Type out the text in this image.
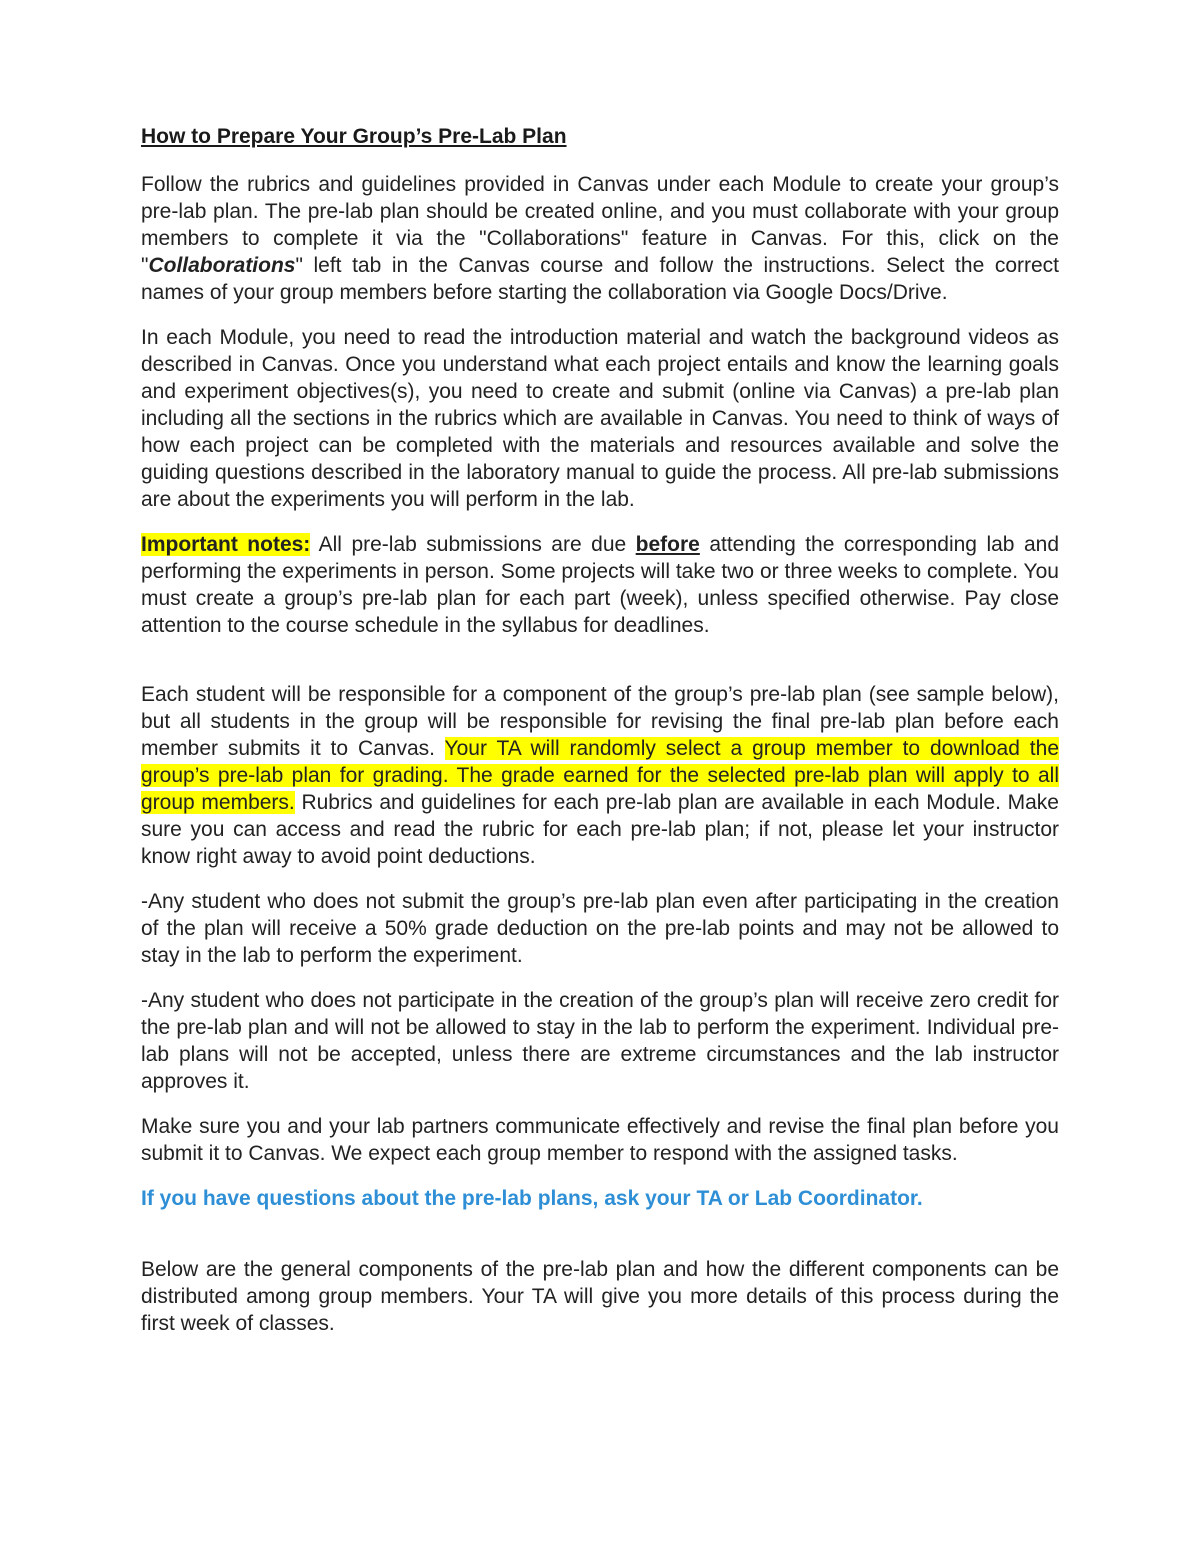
How to Prepare Your Group’s Pre-Lab Plan

Follow the rubrics and guidelines provided in Canvas under each Module to create your group’s pre-lab plan. The pre-lab plan should be created online, and you must collaborate with your group members to complete it via the "Collaborations" feature in Canvas. For this, click on the "Collaborations" left tab in the Canvas course and follow the instructions. Select the correct names of your group members before starting the collaboration via Google Docs/Drive.

In each Module, you need to read the introduction material and watch the background videos as described in Canvas. Once you understand what each project entails and know the learning goals and experiment objectives(s), you need to create and submit (online via Canvas) a pre-lab plan including all the sections in the rubrics which are available in Canvas. You need to think of ways of how each project can be completed with the materials and resources available and solve the guiding questions described in the laboratory manual to guide the process. All pre-lab submissions are about the experiments you will perform in the lab.

Important notes: All pre-lab submissions are due before attending the corresponding lab and performing the experiments in person. Some projects will take two or three weeks to complete. You must create a group’s pre-lab plan for each part (week), unless specified otherwise. Pay close attention to the course schedule in the syllabus for deadlines.

Each student will be responsible for a component of the group’s pre-lab plan (see sample below), but all students in the group will be responsible for revising the final pre-lab plan before each member submits it to Canvas. Your TA will randomly select a group member to download the group’s pre-lab plan for grading. The grade earned for the selected pre-lab plan will apply to all group members. Rubrics and guidelines for each pre-lab plan are available in each Module. Make sure you can access and read the rubric for each pre-lab plan; if not, please let your instructor know right away to avoid point deductions.

-Any student who does not submit the group’s pre-lab plan even after participating in the creation of the plan will receive a 50% grade deduction on the pre-lab points and may not be allowed to stay in the lab to perform the experiment.

-Any student who does not participate in the creation of the group’s plan will receive zero credit for the pre-lab plan and will not be allowed to stay in the lab to perform the experiment. Individual pre-lab plans will not be accepted, unless there are extreme circumstances and the lab instructor approves it.

Make sure you and your lab partners communicate effectively and revise the final plan before you submit it to Canvas. We expect each group member to respond with the assigned tasks.

If you have questions about the pre-lab plans, ask your TA or Lab Coordinator.

Below are the general components of the pre-lab plan and how the different components can be distributed among group members. Your TA will give you more details of this process during the first week of classes.
